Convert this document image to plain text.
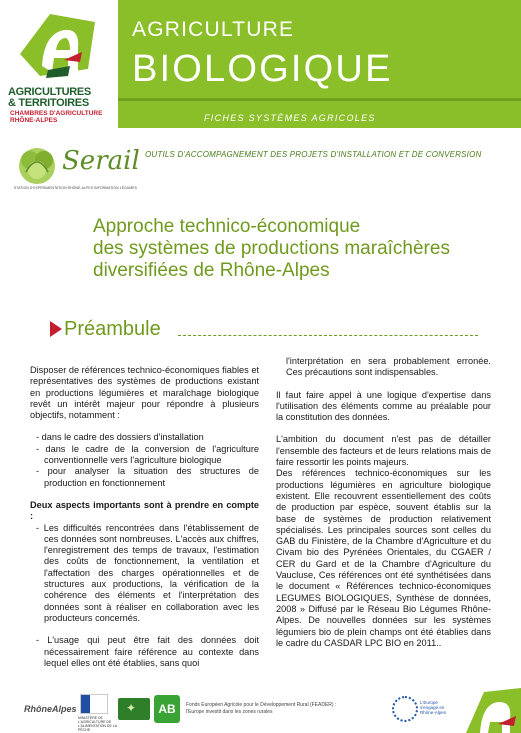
AGRICULTURES
& TERRITOIRES
CHAMBRES D'AGRICULTURE
RHÔNE-ALPES
AGRICULTURE
BIOLOGIQUE
FICHES SYSTÈMES AGRICOLES
Serail
STATION D'EXPÉRIMENTATION RHÔNE-ALPES INFORMATION LÉGUMES
OUTILS D'ACCOMPAGNEMENT DES PROJETS D'INSTALLATION ET DE CONVERSION
Approche technico-économique
des systèmes de productions maraîchères
diversifiées de Rhône-Alpes
Préambule

Disposer de références technico-économiques fiables et représentatives des systèmes de productions existant en productions légumières et maraîchage biologique revêt un intérêt majeur pour répondre à plusieurs objectifs, notamment :

- dans le cadre des dossiers d'installation
- dans le cadre de la conversion de l'agriculture conventionnelle vers l'agriculture biologique
- pour analyser la situation des structures de production en fonctionnement

Deux aspects importants sont à prendre en compte :

- Les difficultés rencontrées dans l'établissement de ces données sont nombreuses. L'accès aux chiffres, l'enregistrement des temps de travaux, l'estimation des coûts de fonctionnement, la ventilation et l'affectation des charges opérationnelles et de structures aux productions, la vérification de la cohérence des éléments et l'interprétation des données sont à réaliser en collaboration avec les producteurs concernés.
- L'usage qui peut être fait des données doit nécessairement faire référence au contexte dans lequel elles ont été établies, sans quoi

l'interprétation en sera probablement erronée. Ces précautions sont indispensables.

Il faut faire appel à une logique d'expertise dans l'utilisation des éléments comme au préalable pour la constitution des données.

L'ambition du document n'est pas de détailler l'ensemble des facteurs et de leurs relations mais de faire ressortir les points majeurs.

Des références technico-économiques sur les productions légumières en agriculture biologique existent. Elle recouvrent essentiellement des coûts de production par espèce, souvent établis sur la base de systèmes de production relativement spécialisés. Les principales sources sont celles du GAB du Finistère, de la Chambre d'Agriculture et du Civam bio des Pyrénées Orientales, du CGAER / CER du Gard et de la Chambre d'Agriculture du Vaucluse, Ces références ont été synthétisées dans le document « Références technico-économiques LEGUMES BIOLOGIQUES, Synthèse de données, 2008 » Diffusé par le Réseau Bio Légumes Rhône-Alpes. De nouvelles données sur les systèmes légumiers bio de plein champs ont été établies dans le cadre du CASDAR LPC BIO en 2011..

RhôneAlpes
MINISTÈRE DE L'AGRICULTURE DE L'ALIMENTATION DE LA PÊCHE
✦	AB	Fonds Européen Agricole pour le Développement Rural (FEADER) :
l'Europe investit dans les zones rurales
L'Europe s'engage en Rhône-Alpes
